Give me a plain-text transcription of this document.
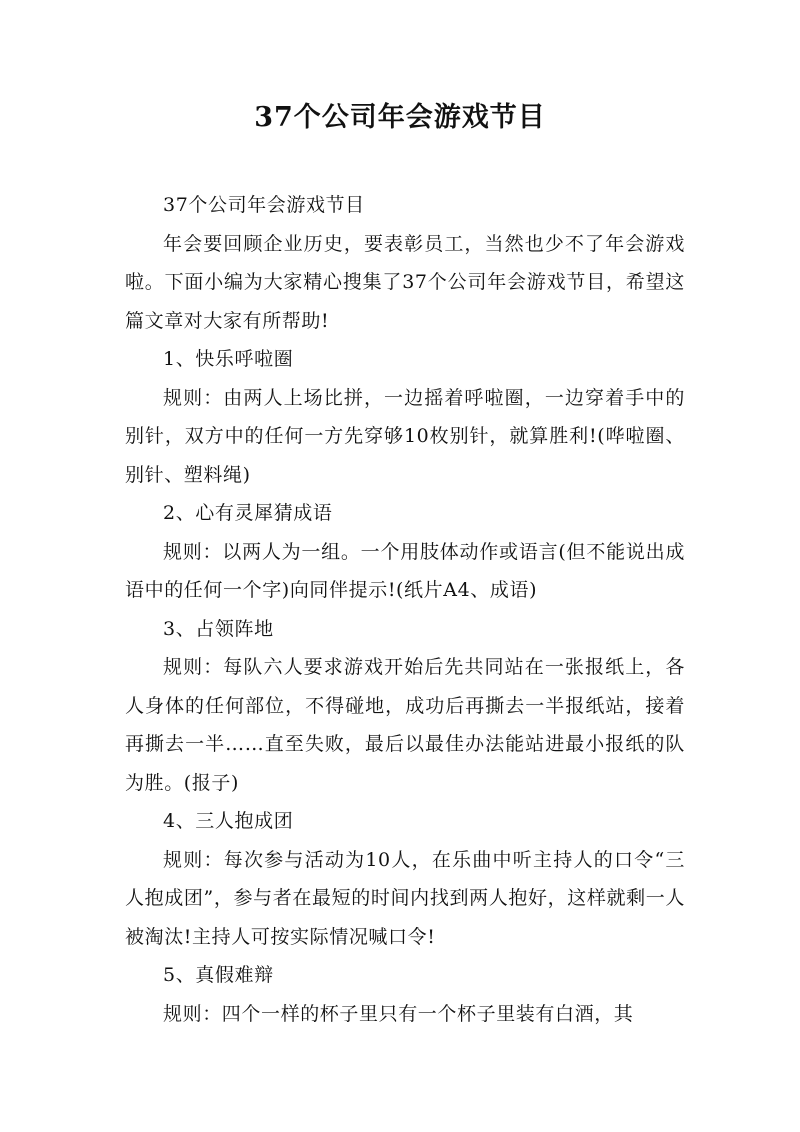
37个公司年会游戏节目

37个公司年会游戏节目

年会要回顾企业历史，要表彰员工，当然也少不了年会游戏啦。下面小编为大家精心搜集了37个公司年会游戏节目，希望这篇文章对大家有所帮助!

1、快乐呼啦圈

规则：由两人上场比拼，一边摇着呼啦圈，一边穿着手中的别针，双方中的任何一方先穿够10枚别针，就算胜利!(哗啦圈、别针、塑料绳)

2、心有灵犀猜成语

规则：以两人为一组。一个用肢体动作或语言(但不能说出成语中的任何一个字)向同伴提示!(纸片A4、成语)

3、占领阵地

规则：每队六人要求游戏开始后先共同站在一张报纸上，各人身体的任何部位，不得碰地，成功后再撕去一半报纸站，接着再撕去一半……直至失败，最后以最佳办法能站进最小报纸的队为胜。(报子)

4、三人抱成团

规则：每次参与活动为10人，在乐曲中听主持人的口令“三人抱成团”，参与者在最短的时间内找到两人抱好，这样就剩一人被淘汰!主持人可按实际情况喊口令!

5、真假难辩

规则：四个一样的杯子里只有一个杯子里装有白酒，其
